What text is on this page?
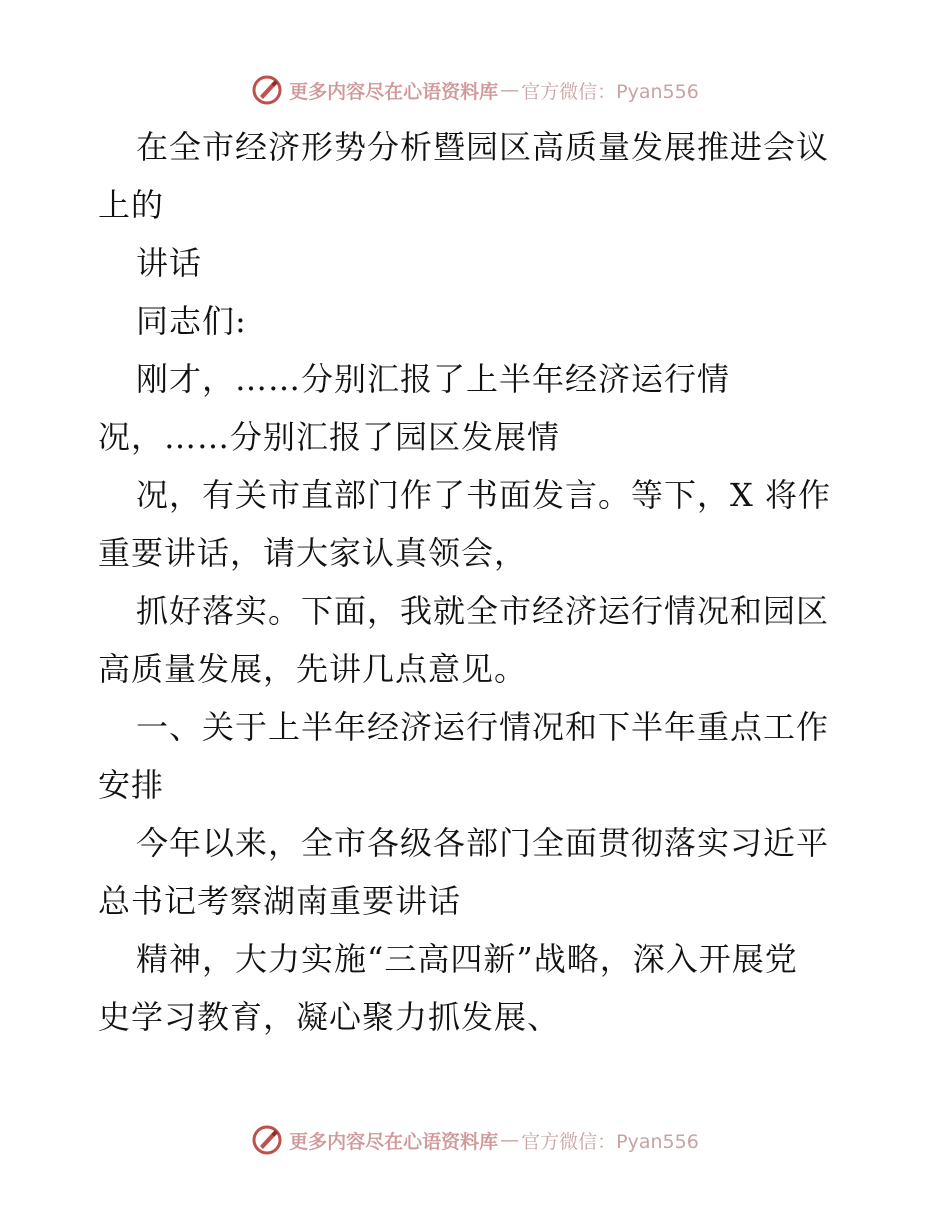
更多内容尽在心语资料库 — 官方微信：Pyan556

在全市经济形势分析暨园区高质量发展推进会议

上的

讲话

同志们:

刚才，……分别汇报了上半年经济运行情

况，……分别汇报了园区发展情

况，有关市直部门作了书面发言。等下，X 将作

重要讲话，请大家认真领会，

抓好落实。下面，我就全市经济运行情况和园区

高质量发展，先讲几点意见。

一、关于上半年经济运行情况和下半年重点工作

安排

今年以来，全市各级各部门全面贯彻落实习近平

总书记考察湖南重要讲话

精神，大力实施“三高四新”战略，深入开展党

史学习教育，凝心聚力抓发展、

更多内容尽在心语资料库 — 官方微信：Pyan556
